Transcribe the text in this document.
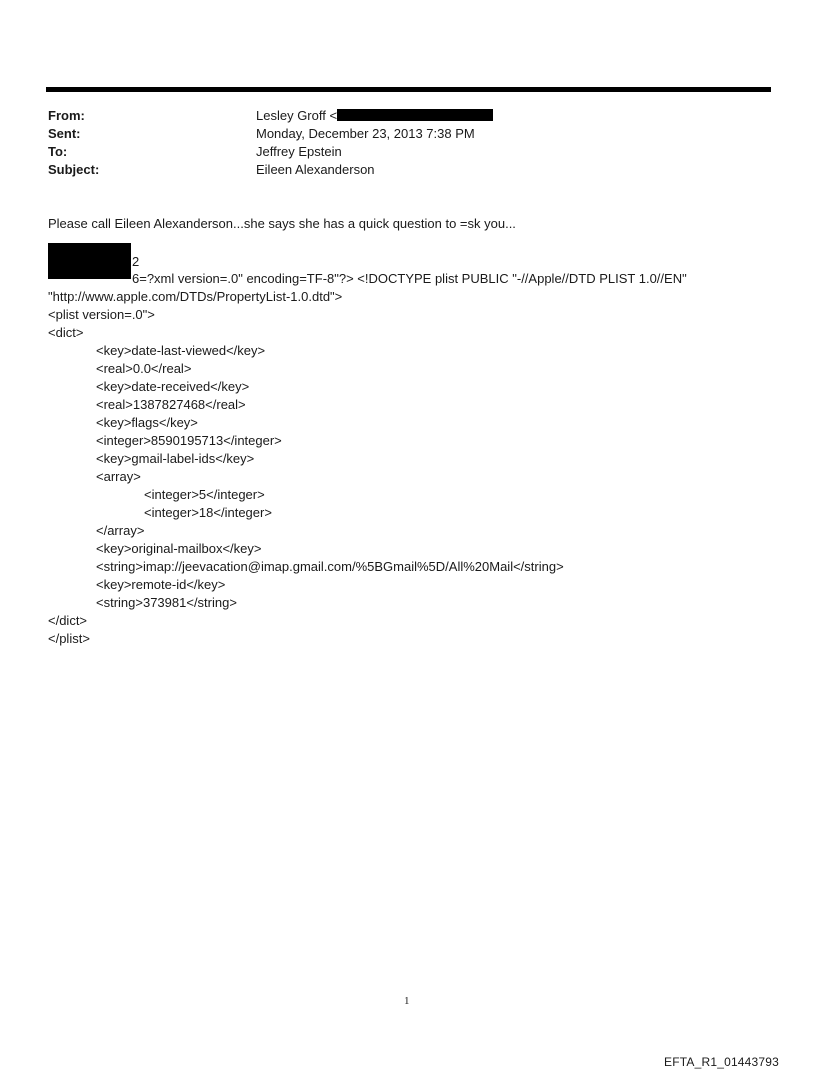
From:	Lesley Groff <
Sent:	Monday, December 23, 2013 7:38 PM
To:	Jeffrey Epstein
Subject:	Eileen Alexanderson
Please call Eileen Alexanderson...she says she has a quick question to =sk you...
2
6=?xml version=.0" encoding=TF-8"?> <!DOCTYPE plist PUBLIC "-//Apple//DTD PLIST 1.0//EN"
"http://www.apple.com/DTDs/PropertyList-1.0.dtd">
<plist version=.0">
<dict>
<key>date-last-viewed</key>
<real>0.0</real>
<key>date-received</key>
<real>1387827468</real>
<key>flags</key>
<integer>8590195713</integer>
<key>gmail-label-ids</key>
<array>
<integer>5</integer>
<integer>18</integer>
</array>
<key>original-mailbox</key>
<string>imap://jeevacation@imap.gmail.com/%5BGmail%5D/All%20Mail</string>
<key>remote-id</key>
<string>373981</string>
</dict>
</plist>
1
EFTA_R1_01443793
